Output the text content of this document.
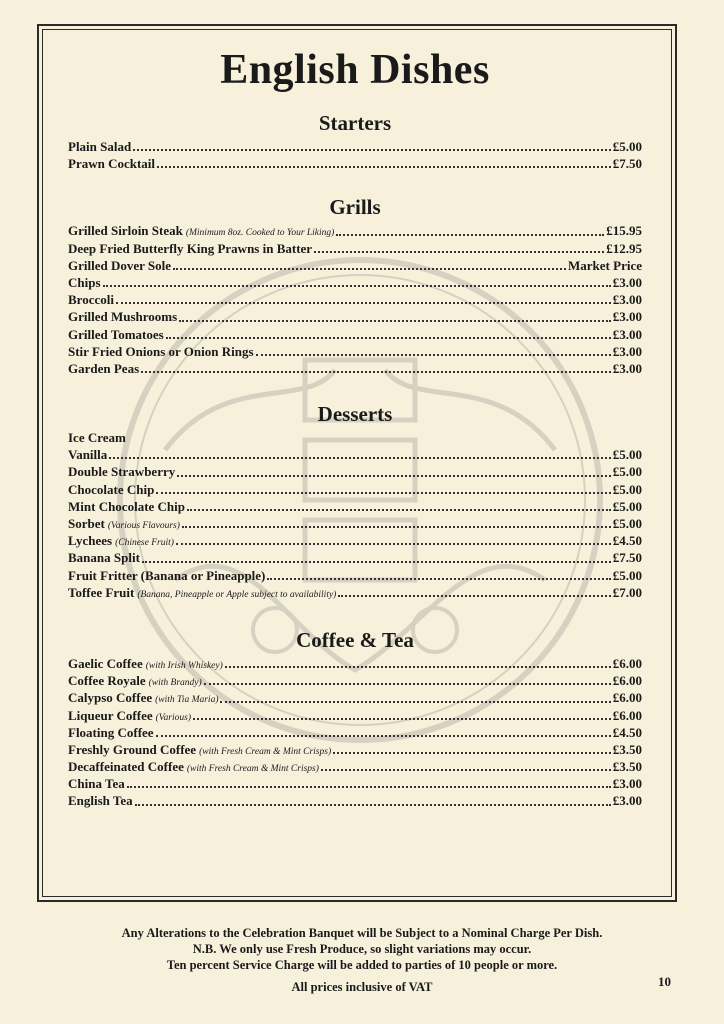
English Dishes
Starters
Plain Salad	£5.00
Prawn Cocktail	£7.50
Grills
Grilled Sirloin Steak (Minimum 8oz. Cooked to Your Liking)	£15.95
Deep Fried Butterfly King Prawns in Batter	£12.95
Grilled Dover Sole	Market Price
Chips	£3.00
Broccoli	£3.00
Grilled Mushrooms	£3.00
Grilled Tomatoes	£3.00
Stir Fried Onions or Onion Rings	£3.00
Garden Peas	£3.00
Desserts
Ice Cream
Vanilla	£5.00
Double Strawberry	£5.00
Chocolate Chip	£5.00
Mint Chocolate Chip	£5.00
Sorbet (Various Flavours)	£5.00
Lychees (Chinese Fruit)	£4.50
Banana Split	£7.50
Fruit Fritter (Banana or Pineapple)	£5.00
Toffee Fruit (Banana, Pineapple or Apple subject to availability)	£7.00
Coffee & Tea
Gaelic Coffee (with Irish Whiskey)	£6.00
Coffee Royale (with Brandy)	£6.00
Calypso Coffee (with Tia Maria)	£6.00
Liqueur Coffee (Various)	£6.00
Floating Coffee	£4.50
Freshly Ground Coffee (with Fresh Cream & Mint Crisps)	£3.50
Decaffeinated Coffee (with Fresh Cream & Mint Crisps)	£3.50
China Tea	£3.00
English Tea	£3.00
Any Alterations to the Celebration Banquet will be Subject to a Nominal Charge Per Dish.
N.B. We only use Fresh Produce, so slight variations may occur.
Ten percent Service Charge will be added to parties of 10 people or more.
All prices inclusive of VAT	10
